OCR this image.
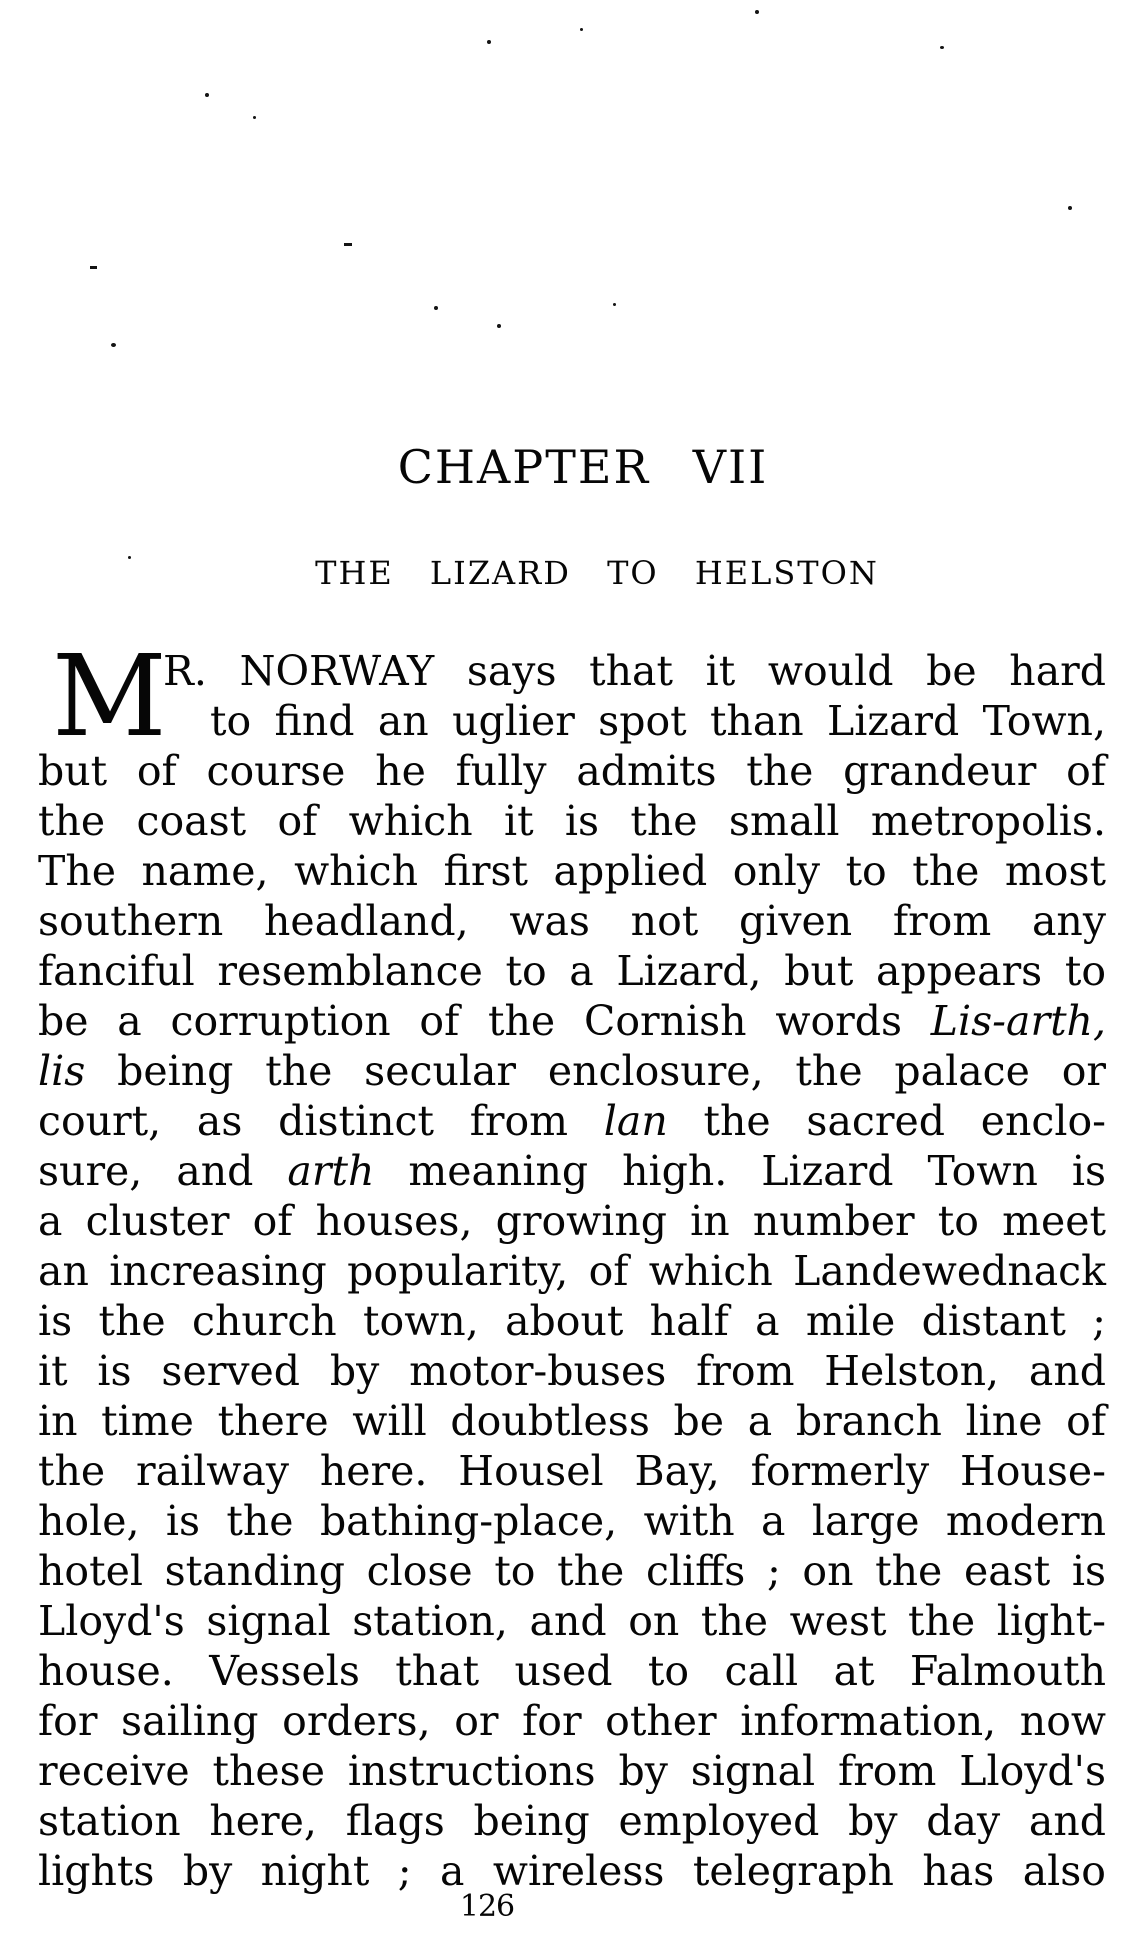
CHAPTER VII
THE LIZARD TO HELSTON
M
R. NORWAY says that it would be hard
to find an uglier spot than Lizard Town,
but of course he fully admits the grandeur of
the coast of which it is the small metropolis.
The name, which first applied only to the most
southern headland, was not given from any
fanciful resemblance to a Lizard, but appears to
be a corruption of the Cornish words Lis-arth,
lis being the secular enclosure, the palace or
court, as distinct from lan the sacred enclo-
sure, and arth meaning high. Lizard Town is
a cluster of houses, growing in number to meet
an increasing popularity, of which Landewednack
is the church town, about half a mile distant ;
it is served by motor-buses from Helston, and
in time there will doubtless be a branch line of
the railway here. Housel Bay, formerly House-
hole, is the bathing-place, with a large modern
hotel standing close to the cliffs ; on the east is
Lloyd's signal station, and on the west the light-
house. Vessels that used to call at Falmouth
for sailing orders, or for other information, now
receive these instructions by signal from Lloyd's
station here, flags being employed by day and
lights by night ; a wireless telegraph has also
126
